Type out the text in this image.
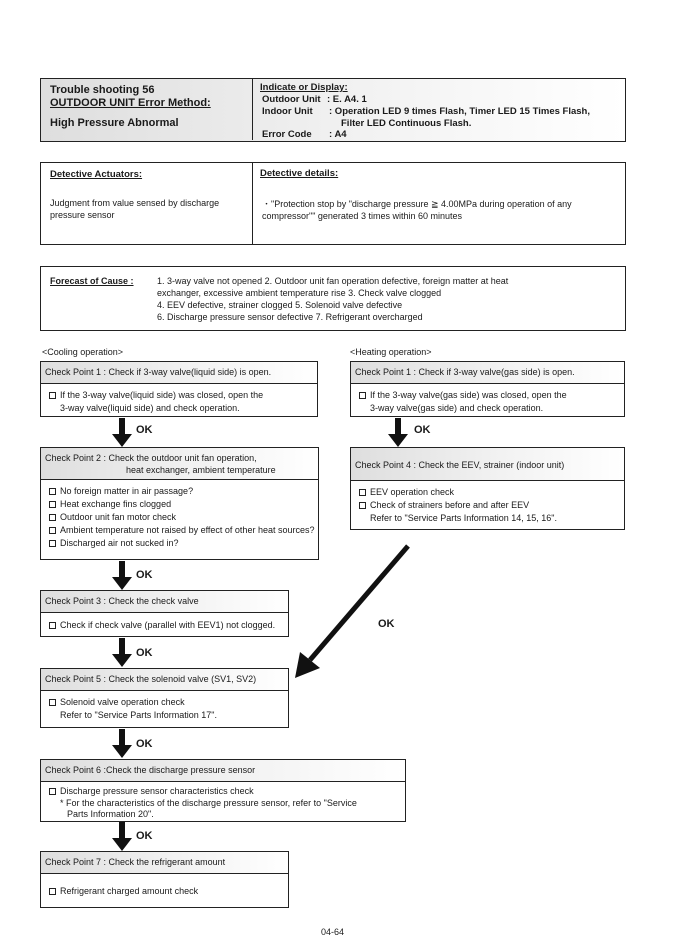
Trouble shooting 56
OUTDOOR UNIT Error Method:
High Pressure Abnormal
Indicate or Display:
Outdoor Unit : E. A4. 1
Indoor Unit : Operation LED 9 times Flash, Timer LED 15 Times Flash,
Filter LED Continuous Flash.
Error Code : A4
Detective Actuators:
Judgment from value sensed by discharge pressure sensor
Detective details:
・"Protection stop by "discharge pressure ≧ 4.00MPa during operation of any compressor"" generated 3 times within 60 minutes
Forecast of Cause :	1. 3-way valve not opened 2. Outdoor unit fan operation defective, foreign matter at heat
exchanger, excessive ambient temperature rise 3. Check valve clogged
4. EEV defective, strainer clogged 5. Solenoid valve defective
6. Discharge pressure sensor defective 7. Refrigerant overcharged
<Cooling operation>	<Heating operation>
Check Point 1 : Check if 3-way valve(liquid side) is open.
If the 3-way valve(liquid side) was closed, open the
3-way valve(liquid side) and check operation.
Check Point 1 : Check if 3-way valve(gas side) is open.
If the 3-way valve(gas side) was closed, open the
3-way valve(gas side) and check operation.
OK	OK
Check Point 2 : Check the outdoor unit fan operation,
heat exchanger, ambient temperature
No foreign matter in air passage?
Heat exchange fins clogged
Outdoor unit fan motor check
Ambient temperature not raised by effect of other heat sources?
Discharged air not sucked in?
Check Point 4 : Check the EEV, strainer (indoor unit)
EEV operation check
Check of strainers before and after EEV
Refer to "Service Parts Information 14, 15, 16".
OK
OK
Check Point 3 : Check the check valve
Check if check valve (parallel with EEV1) not clogged.
OK
Check Point 5 : Check the solenoid valve (SV1, SV2)
Solenoid valve operation check
Refer to "Service Parts Information 17".
OK
Check Point 6 :Check the discharge pressure sensor
Discharge pressure sensor characteristics check
* For the characteristics of the discharge pressure sensor, refer to "Service
Parts Information 20".
OK
Check Point 7 : Check the refrigerant amount
Refrigerant charged amount check
04-64
